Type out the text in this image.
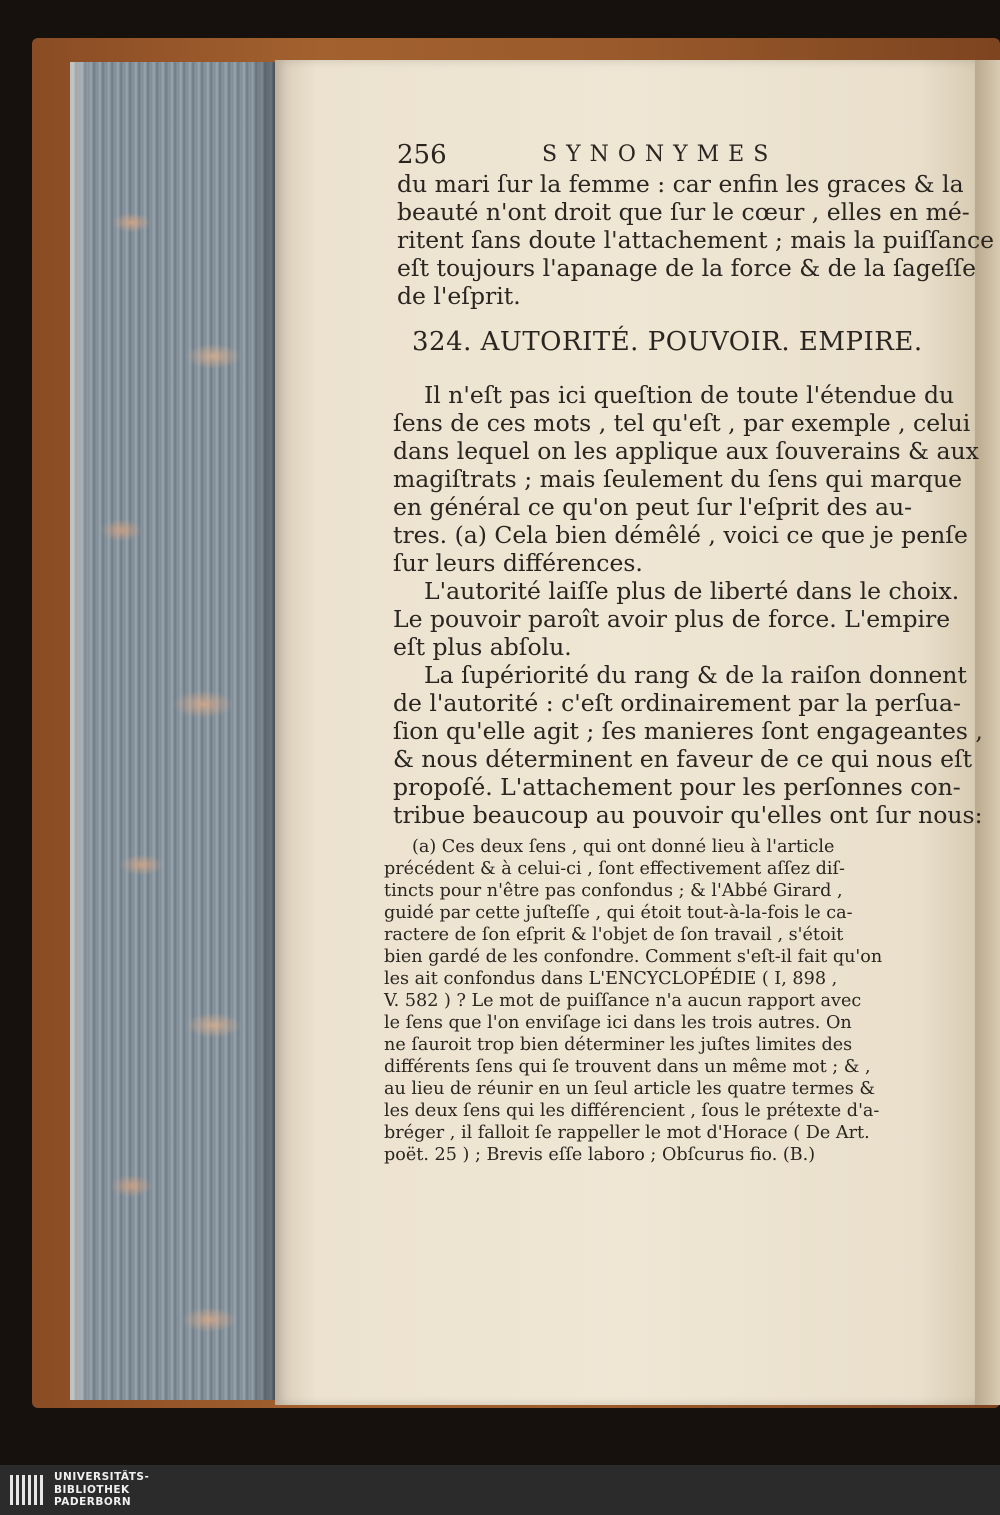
256	SYNONYMES
du mari ſur la femme : car enfin les graces & la
beauté n'ont droit que ſur le cœur , elles en mé-
ritent ſans doute l'attachement ; mais la puiſſance
eſt toujours l'apanage de la force & de la ſageſſe
de l'eſprit.
324. AUTORITÉ. POUVOIR. EMPIRE.
Il n'eſt pas ici queſtion de toute l'étendue du
ſens de ces mots , tel qu'eſt , par exemple , celui
dans lequel on les applique aux ſouverains & aux
magiſtrats ; mais ſeulement du ſens qui marque
en général ce qu'on peut ſur l'eſprit des au-
tres. (a) Cela bien démêlé , voici ce que je penſe
ſur leurs différences.
L'autorité laiſſe plus de liberté dans le choix.
Le pouvoir paroît avoir plus de force. L'empire
eſt plus abſolu.
La ſupériorité du rang & de la raiſon donnent
de l'autorité : c'eſt ordinairement par la perſua-
ſion qu'elle agit ; ſes manieres ſont engageantes ,
& nous déterminent en faveur de ce qui nous eſt
propoſé. L'attachement pour les perſonnes con-
tribue beaucoup au pouvoir qu'elles ont ſur nous:
(a) Ces deux ſens , qui ont donné lieu à l'article
précédent & à celui-ci , ſont effectivement aſſez diſ-
tincts pour n'être pas confondus ; & l'Abbé Girard ,
guidé par cette juſteſſe , qui étoit tout-à-la-fois le ca-
ractere de ſon eſprit & l'objet de ſon travail , s'étoit
bien gardé de les confondre. Comment s'eſt-il fait qu'on
les ait confondus dans L'ENCYCLOPÉDIE ( I, 898 ,
V. 582 ) ? Le mot de puiſſance n'a aucun rapport avec
le ſens que l'on enviſage ici dans les trois autres. On
ne ſauroit trop bien déterminer les juſtes limites des
différents ſens qui ſe trouvent dans un même mot ; & ,
au lieu de réunir en un ſeul article les quatre termes &
les deux ſens qui les différencient , ſous le prétexte d'a-
bréger , il falloit ſe rappeller le mot d'Horace ( De Art.
poët. 25 ) ; Brevis eſſe laboro ; Obſcurus fio. (B.)
UNIVERSITÄTS-
BIBLIOTHEK
PADERBORN
